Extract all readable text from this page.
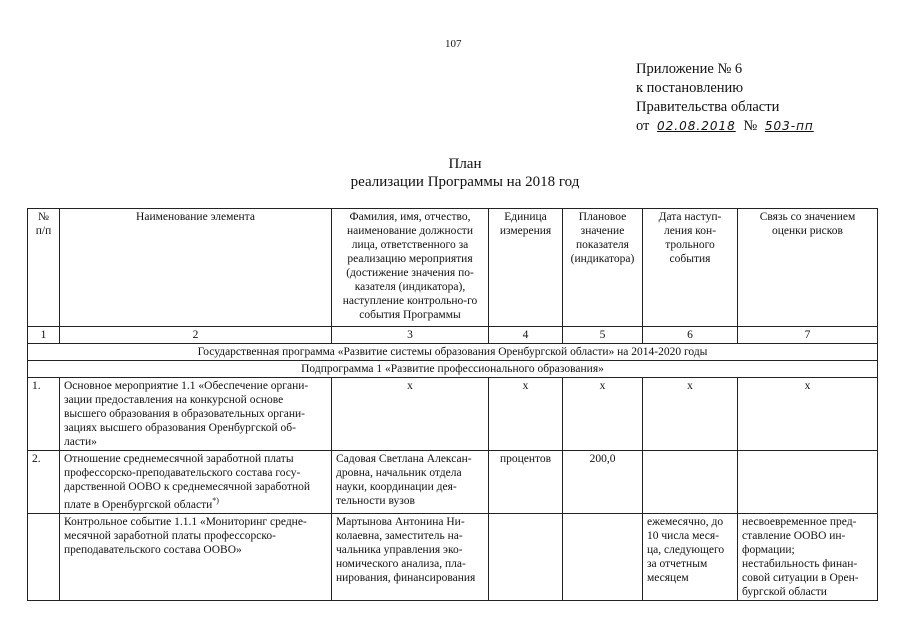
107
Приложение № 6
к постановлению
Правительства области
от 02.08.2018 № 503-пп
План
реализации Программы на 2018 год
№ п/п	Наименование элемента	Фамилия, имя, отчество, наименование должности лица, ответственного за реализацию мероприятия (достижение значения по-казателя (индикатора), наступление контрольно-го события Программы	Единица измерения	Плановое значение показателя (индикатора)	Дата наступ-ления кон-трольного события	Связь со значением оценки рисков
1	2	3	4	5	6	7
Государственная программа «Развитие системы образования Оренбургской области» на 2014-2020 годы						
Подпрограмма 1 «Развитие профессионального образования»						
1.	Основное мероприятие 1.1 «Обеспечение органи-зации предоставления на конкурсной основе высшего образования в образовательных органи-зациях высшего образования Оренбургской об-ласти»	х	х	х	х	х
2.	Отношение среднемесячной заработной платы профессорско-преподавательского состава госу-дарственной ООВО к среднемесячной заработной плате в Оренбургской области*)	Садовая Светлана Алексан-дровна, начальник отдела науки, координации дея-тельности вузов	процентов	200,0		
	Контрольное событие 1.1.1 «Мониторинг средне-месячной заработной платы профессорско-преподавательского состава ООВО»	Мартынова Антонина Ни-колаевна, заместитель на-чальника управления эко-номического анализа, пла-нирования, финансирования			ежемесячно, до 10 числа меся-ца, следующего за отчетным месяцем	несвоевременное пред-ставление ООВО ин-формации; нестабильность финан-совой ситуации в Орен-бургской области
